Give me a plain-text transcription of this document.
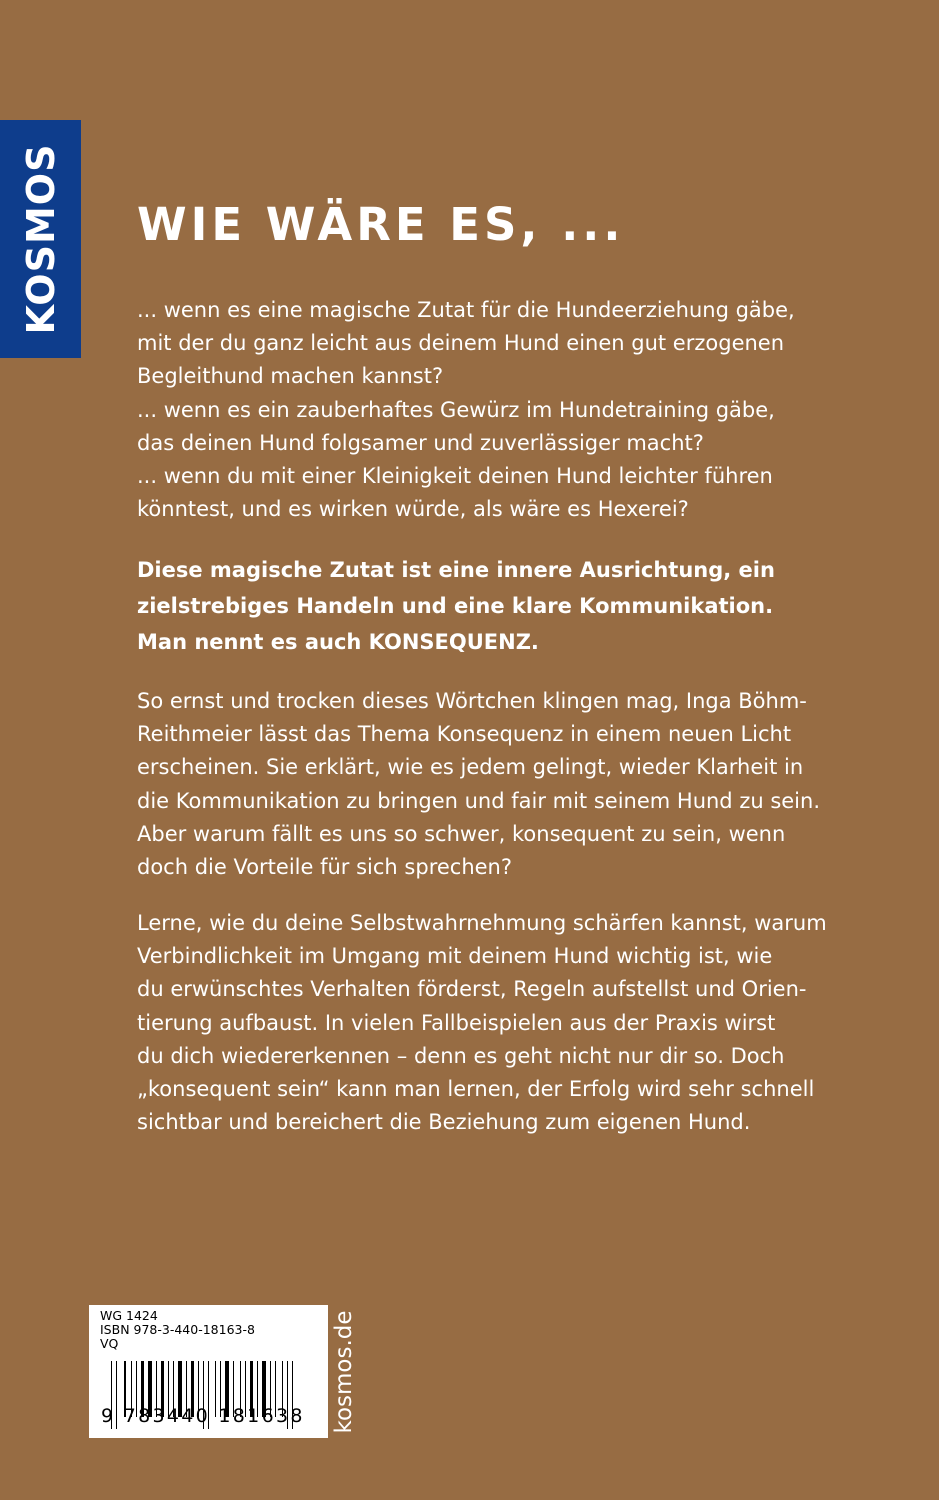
KOSMOS WIE WÄRE ES, ...
... wenn es eine magische Zutat für die Hundeerziehung gäbe,
mit der du ganz leicht aus deinem Hund einen gut erzogenen
Begleithund machen kannst?
... wenn es ein zauberhaftes Gewürz im Hundetraining gäbe,
das deinen Hund folgsamer und zuverlässiger macht?
... wenn du mit einer Kleinigkeit deinen Hund leichter führen
könntest, und es wirken würde, als wäre es Hexerei?
Diese magische Zutat ist eine innere Ausrichtung, ein
zielstrebiges Handeln und eine klare Kommunikation.
Man nennt es auch KONSEQUENZ.
So ernst und trocken dieses Wörtchen klingen mag, Inga Böhm-
Reithmeier lässt das Thema Konsequenz in einem neuen Licht
erscheinen. Sie erklärt, wie es jedem gelingt, wieder Klarheit in
die Kommunikation zu bringen und fair mit seinem Hund zu sein.
Aber warum fällt es uns so schwer, konsequent zu sein, wenn
doch die Vorteile für sich sprechen?
Lerne, wie du deine Selbstwahrnehmung schärfen kannst, warum
Verbindlichkeit im Umgang mit deinem Hund wichtig ist, wie
du erwünschtes Verhalten förderst, Regeln aufstellst und Orien-
tierung aufbaust. In vielen Fallbeispielen aus der Praxis wirst
du dich wiedererkennen – denn es geht nicht nur dir so. Doch
„konsequent sein“ kann man lernen, der Erfolg wird sehr schnell
sichtbar und bereichert die Beziehung zum eigenen Hund.
WG 1424
ISBN 978-3-440-18163-8
VQ
9 783440 181638 kosmos.de
